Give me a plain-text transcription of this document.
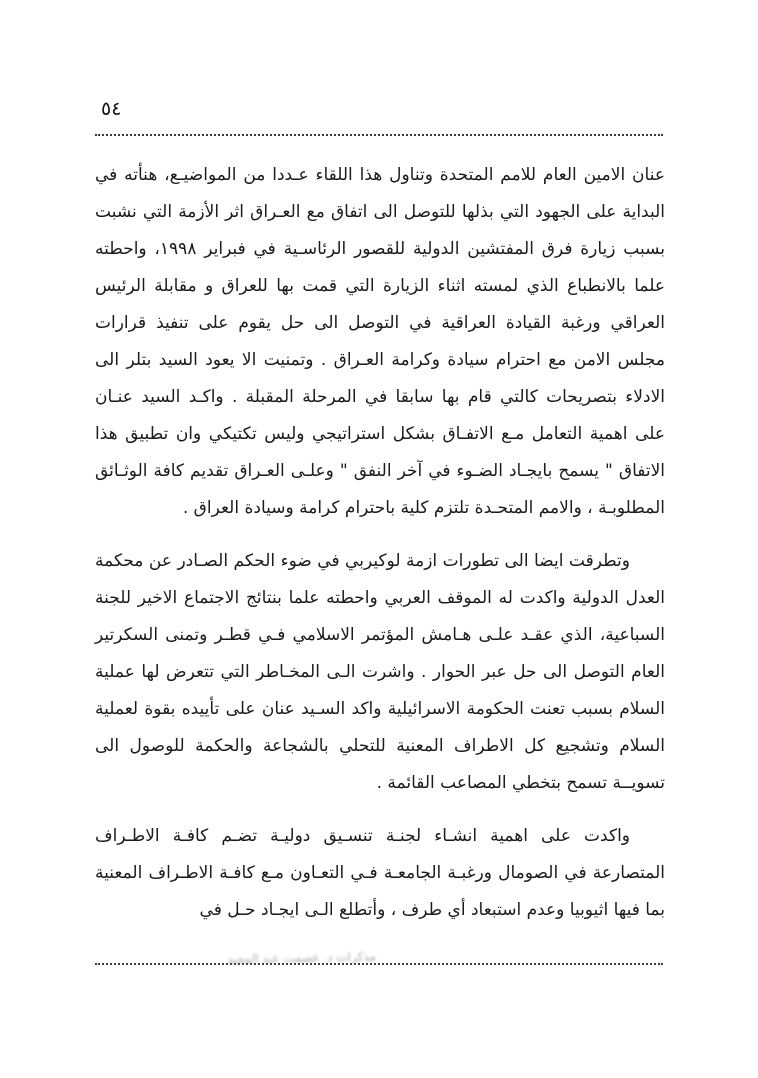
٥٤

عنان الامين العام للامم المتحدة وتناول هذا اللقاء عـددا من المواضيـع، هنأته في البداية على الجهود التي بذلها للتوصل الى اتفاق مع العـراق اثر الأزمة التي نشبت بسبب زيارة فرق المفتشين الدولية للقصور الرئاسـية في فبراير ١٩٩٨، واحطته علما بالانطباع الذي لمسته اثناء الزيارة التي قمت بها للعراق و مقابلة الرئيس العراقي ورغبة القيادة العراقية في التوصل الى حل يقوم على تنفيذ قرارات مجلس الامن مع احترام سيادة وكرامة العـراق . وتمنيت الا يعود السيد بتلر الى الادلاء بتصريحات كالتي قام بها سابقا في المرحلة المقبلة . واكـد السيد عنـان على اهمية التعامل مـع الاتفـاق بشكل استراتيجي وليس تكتيكي وان تطبيق هذا الاتفاق " يسمح بايجـاد الضـوء في آخر النفق " وعلـى العـراق تقديم كافة الوثـائق المطلوبـة ، والامم المتحـدة تلتزم كلية باحترام كرامة وسيادة العراق .

وتطرقت ايضا الى تطورات ازمة لوكيربي في ضوء الحكم الصـادر عن محكمة العدل الدولية واكدت له الموقف العربي واحطته علما بنتائج الاجتماع الاخير للجنة السباعية، الذي عقـد علـى هـامش المؤتمر الاسلامي فـي قطـر وتمنى السكرتير العام التوصل الى حل عبر الحوار . واشرت الـى المخـاطر التي تتعرض لها عملية السلام بسبب تعنت الحكومة الاسرائيلية واكد السـيد عنان على تأييده بقوة لعملية السلام وتشجيع كل الاطراف المعنية للتحلي بالشجاعة والحكمة للوصول الى تسويــة تسمح بتخطي المصاعب القائمة .

واكدت على اهمية انشـاء لجنـة تنسـيق دوليـة تضـم كافـة الاطـراف المتصارعة في الصومال ورغبـة الجامعـة فـي التعـاون مـع كافـة الاطـراف المعنية بما فيها اثيوبيا وعدم استبعاد أي طرف ، وأتطلع الـى ايجـاد حـل في

مذكرات د. عصمت عبد المجيد
